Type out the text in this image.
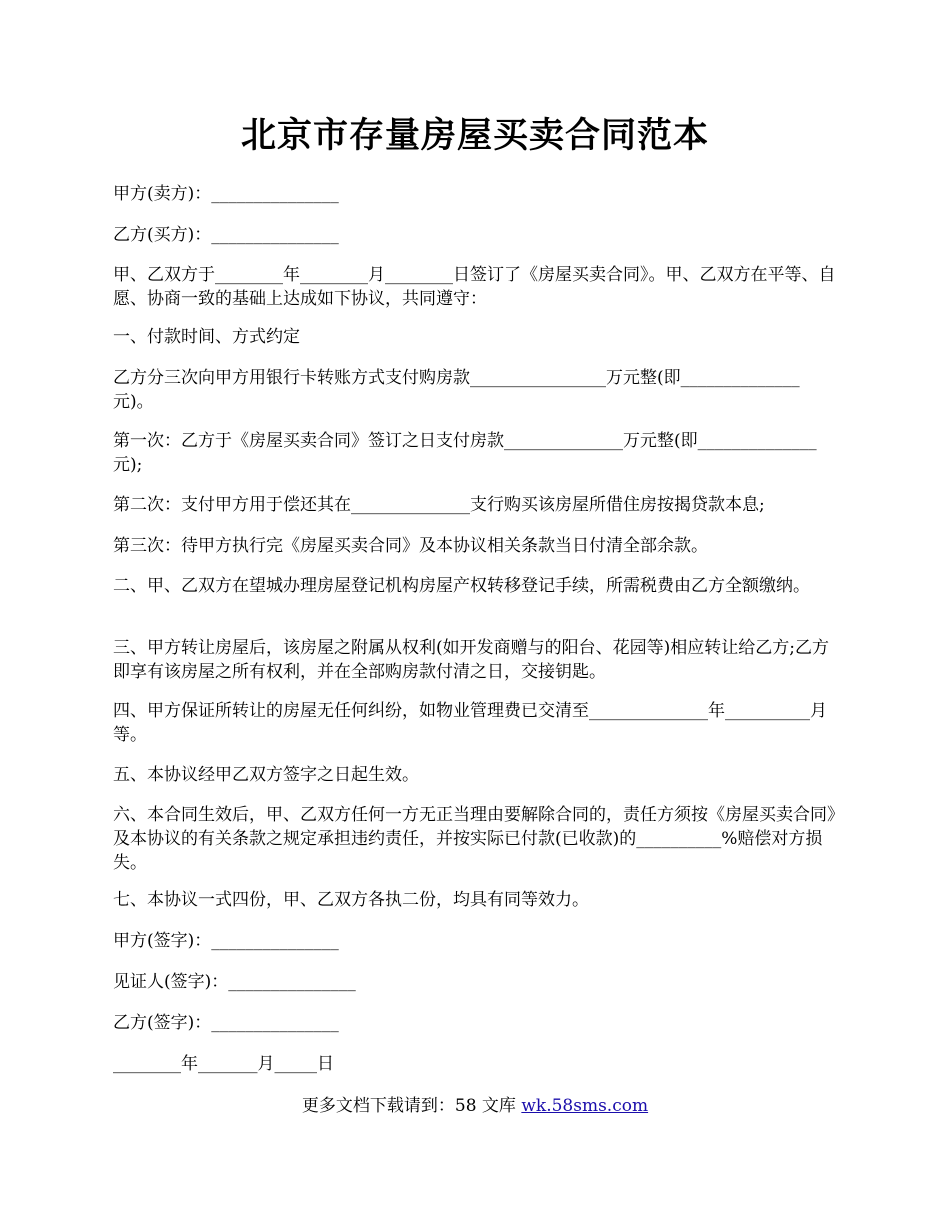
北京市存量房屋买卖合同范本

甲方(卖方)：_______________

乙方(买方)：_______________

甲、乙双方于________年________月________日签订了《房屋买卖合同》。甲、乙双方在平等、自愿、协商一致的基础上达成如下协议，共同遵守：

一、付款时间、方式约定

乙方分三次向甲方用银行卡转账方式支付购房款________________万元整(即______________元)。

第一次：乙方于《房屋买卖合同》签订之日支付房款______________万元整(即______________元);

第二次：支付甲方用于偿还其在______________支行购买该房屋所借住房按揭贷款本息;

第三次：待甲方执行完《房屋买卖合同》及本协议相关条款当日付清全部余款。

二、甲、乙双方在望城办理房屋登记机构房屋产权转移登记手续，所需税费由乙方全额缴纳。

三、甲方转让房屋后，该房屋之附属从权利(如开发商赠与的阳台、花园等)相应转让给乙方;乙方即享有该房屋之所有权利，并在全部购房款付清之日，交接钥匙。

四、甲方保证所转让的房屋无任何纠纷，如物业管理费已交清至______________年__________月等。

五、本协议经甲乙双方签字之日起生效。

六、本合同生效后，甲、乙双方任何一方无正当理由要解除合同的，责任方须按《房屋买卖合同》及本协议的有关条款之规定承担违约责任，并按实际已付款(已收款)的__________%赔偿对方损失。

七、本协议一式四份，甲、乙双方各执二份，均具有同等效力。

甲方(签字)：_______________

见证人(签字)：_______________

乙方(签字)：_______________

________年_______月_____日

更多文档下载请到：58 文库 wk.58sms.com
